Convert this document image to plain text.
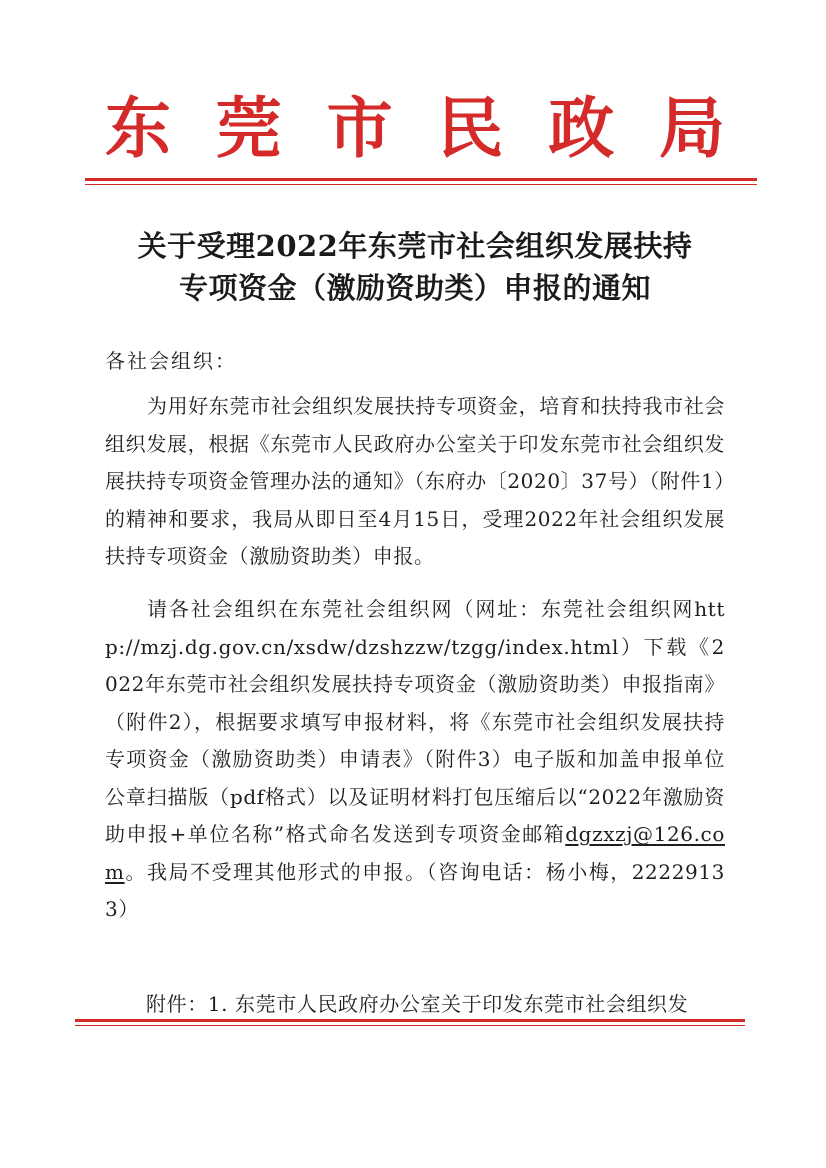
东 莞 市 民 政 局
关于受理2022年东莞市社会组织发展扶持
专项资金（激励资助类）申报的通知
各社会组织：
为用好东莞市社会组织发展扶持专项资金，培育和扶持我市社会组织发展，根据《东莞市人民政府办公室关于印发东莞市社会组织发展扶持专项资金管理办法的通知》（东府办〔2020〕37号）（附件1）的精神和要求，我局从即日至4月15日，受理2022年社会组织发展扶持专项资金（激励资助类）申报。
请各社会组织在东莞社会组织网（网址：东莞社会组织网http://mzj.dg.gov.cn/xsdw/dzshzzw/tzgg/index.html）下载《2022年东莞市社会组织发展扶持专项资金（激励资助类）申报指南》（附件2），根据要求填写申报材料，将《东莞市社会组织发展扶持专项资金（激励资助类）申请表》（附件3）电子版和加盖申报单位公章扫描版（pdf格式）以及证明材料打包压缩后以“2022年激励资助申报+单位名称”格式命名发送到专项资金邮箱dgzxzj@126.com。我局不受理其他形式的申报。（咨询电话：杨小梅，22229133）
附件：1. 东莞市人民政府办公室关于印发东莞市社会组织发
